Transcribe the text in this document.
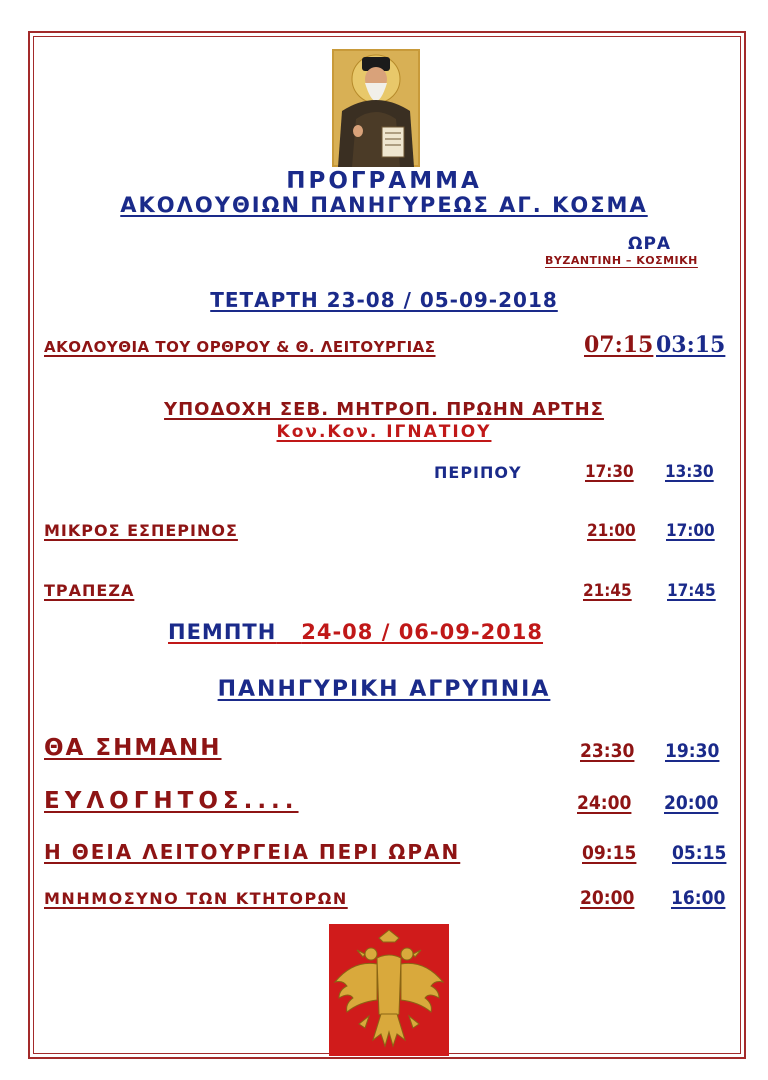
ΠΡΟΓΡΑΜΜΑ
ΑΚΟΛΟΥΘΙΩΝ ΠΑΝΗΓΥΡΕΩΣ ΑΓ. ΚΟΣΜΑ
ΩΡΑ
ΒΥΖΑΝΤΙΝΗ – ΚΟΣΜΙΚΗ
ΤΕΤΑΡΤΗ 23-08 / 05-09-2018
ΑΚΟΛΟΥΘΙΑ ΤΟΥ ΟΡΘΡΟΥ & Θ. ΛΕΙΤΟΥΡΓΙΑΣ	07:15 03:15
ΥΠΟΔΟΧΗ ΣΕΒ. ΜΗΤΡΟΠ. ΠΡΩΗΝ ΑΡΤΗΣ
Κον.Κον. ΙΓΝΑΤΙΟΥ
ΠΕΡΙΠΟΥ	17:30 13:30
ΜΙΚΡΟΣ ΕΣΠΕΡΙΝΟΣ	21:00 17:00
ΤΡΑΠΕΖΑ	21:45 17:45
ΠΕΜΠΤΗ 24-08 / 06-09-2018
ΠΑΝΗΓΥΡΙΚΗ ΑΓΡΥΠΝΙΑ
ΘΑ ΣΗΜΑΝΗ	23:30 19:30
ΕΥΛΟΓΗΤΟΣ....	24:00 20:00
Η ΘΕΙΑ ΛΕΙΤΟΥΡΓΕΙΑ ΠΕΡΙ ΩΡΑΝ	09:15 05:15
ΜΝΗΜΟΣΥΝΟ ΤΩΝ ΚΤΗΤΟΡΩΝ	20:00 16:00
